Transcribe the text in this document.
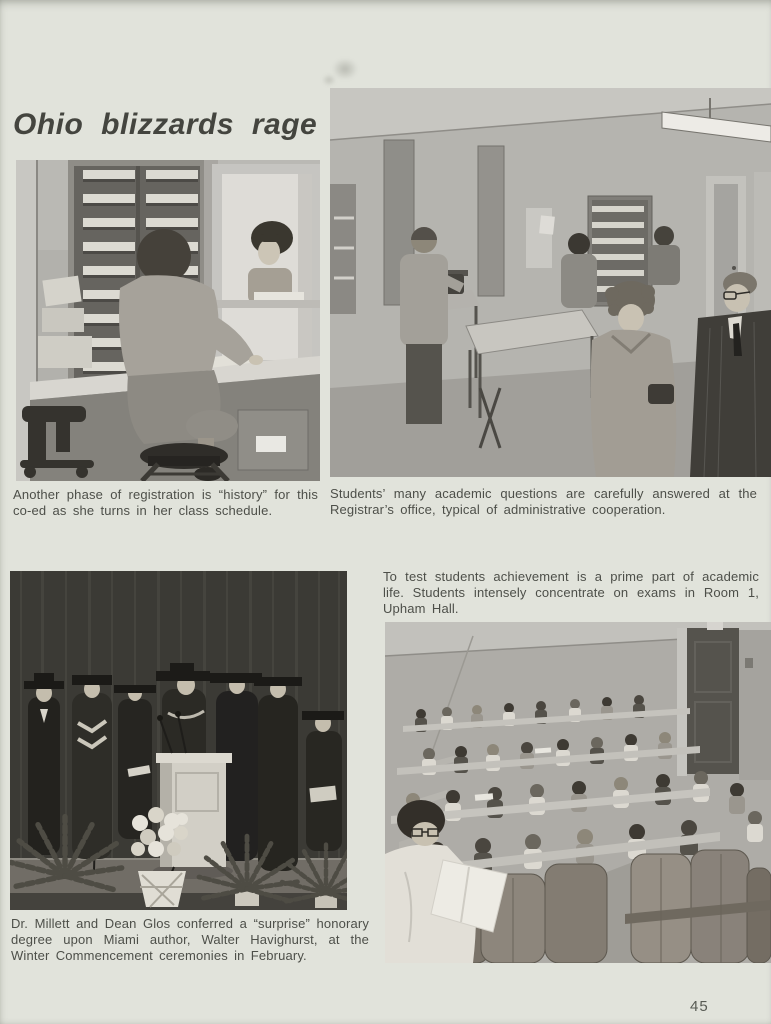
Ohio blizzards rage

Another phase of registration is “history” for this co-ed as she turns in her class schedule.

Students’ many academic questions are carefully answered at the Registrar’s office, typical of administrative cooperation.

To test students achievement is a prime part of academic life. Students intensely concentrate on exams in Room 1, Upham Hall.

Dr. Millett and Dean Glos conferred a “surprise” honorary degree upon Miami author, Walter Havighurst, at the Winter Commencement ceremonies in February.

45
